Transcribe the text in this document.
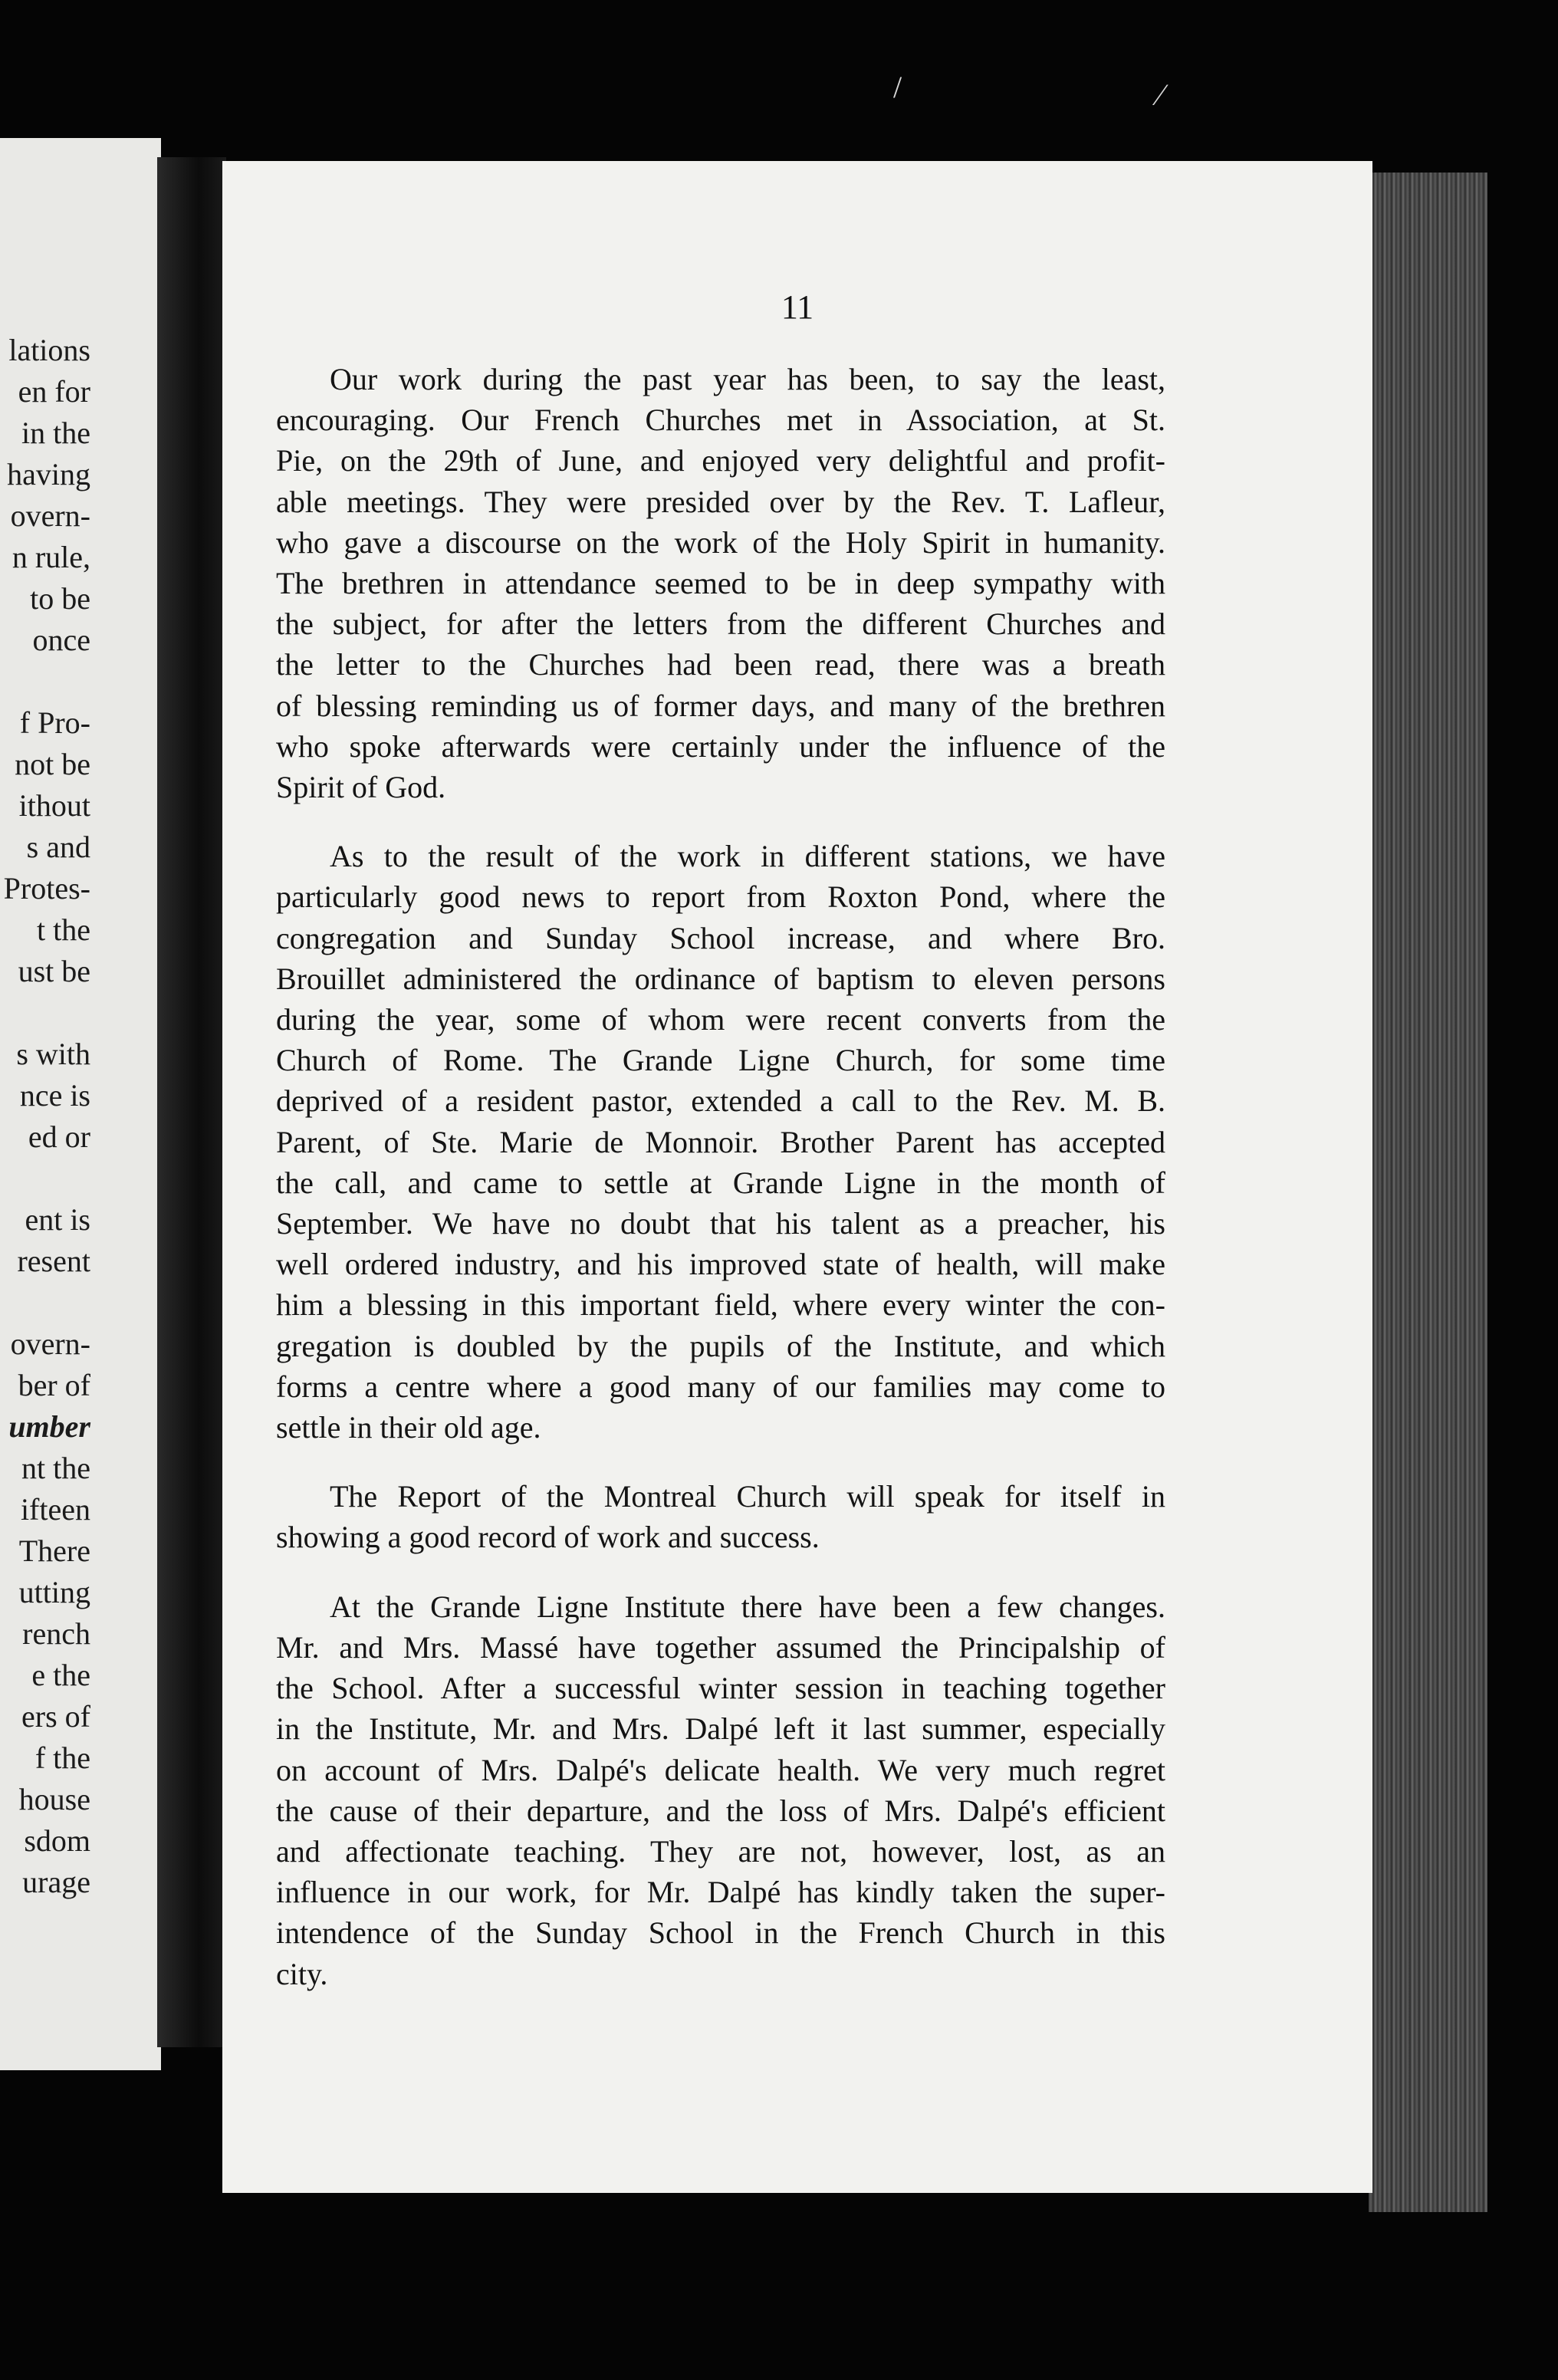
lations
en for
in the
having
overn-
n rule,
to be
once

f Pro-
not be
ithout
s and
Protes-
t the
ust be

s with
nce is
ed or

ent is
resent

overn-
ber of
umber
nt the
ifteen
There
utting
rench
e the
ers of
f the
house
sdom
urage
11
Our work during the past year has been, to say the least,
encouraging. Our French Churches met in Association, at St.
Pie, on the 29th of June, and enjoyed very delightful and profit-
able meetings. They were presided over by the Rev. T. Lafleur,
who gave a discourse on the work of the Holy Spirit in humanity.
The brethren in attendance seemed to be in deep sympathy with
the subject, for after the letters from the different Churches and
the letter to the Churches had been read, there was a breath
of blessing reminding us of former days, and many of the brethren
who spoke afterwards were certainly under the influence of the
Spirit of God.
As to the result of the work in different stations, we have
particularly good news to report from Roxton Pond, where the
congregation and Sunday School increase, and where Bro.
Brouillet administered the ordinance of baptism to eleven persons
during the year, some of whom were recent converts from the
Church of Rome. The Grande Ligne Church, for some time
deprived of a resident pastor, extended a call to the Rev. M. B.
Parent, of Ste. Marie de Monnoir. Brother Parent has accepted
the call, and came to settle at Grande Ligne in the month of
September. We have no doubt that his talent as a preacher, his
well ordered industry, and his improved state of health, will make
him a blessing in this important field, where every winter the con-
gregation is doubled by the pupils of the Institute, and which
forms a centre where a good many of our families may come to
settle in their old age.
The Report of the Montreal Church will speak for itself in
showing a good record of work and success.
At the Grande Ligne Institute there have been a few changes.
Mr. and Mrs. Massé have together assumed the Principalship of
the School. After a successful winter session in teaching together
in the Institute, Mr. and Mrs. Dalpé left it last summer, especially
on account of Mrs. Dalpé's delicate health. We very much regret
the cause of their departure, and the loss of Mrs. Dalpé's efficient
and affectionate teaching. They are not, however, lost, as an
influence in our work, for Mr. Dalpé has kindly taken the super-
intendence of the Sunday School in the French Church in this
city.
/	⁄
